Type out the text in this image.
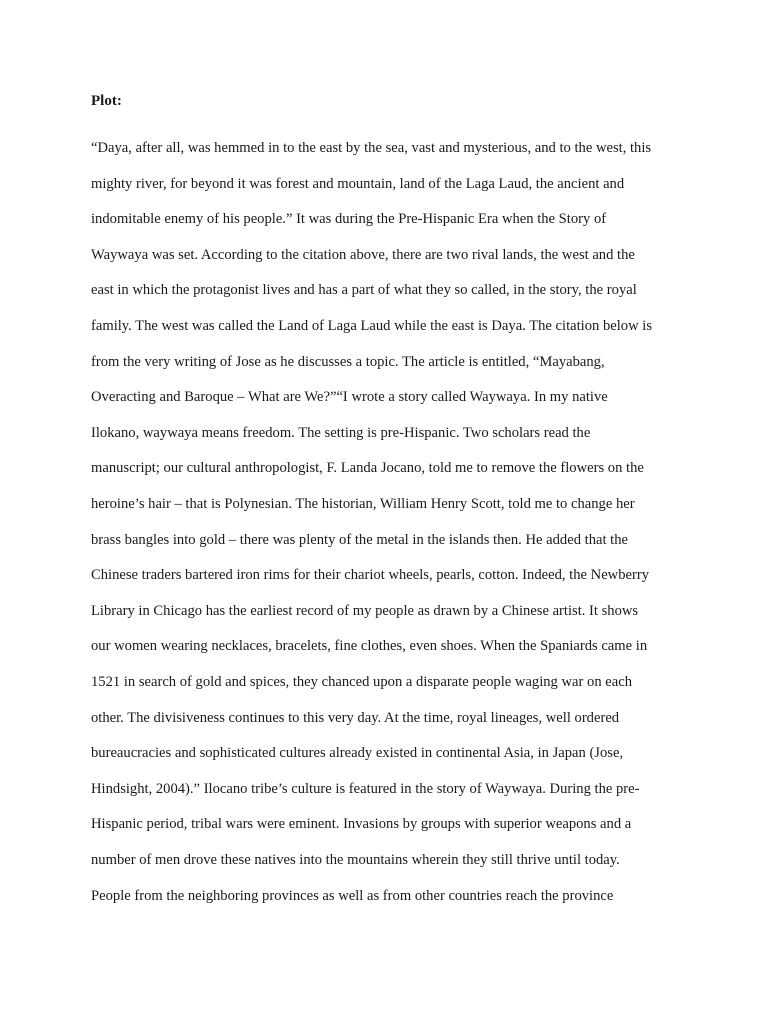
Plot:

“Daya, after all, was hemmed in to the east by the sea, vast and mysterious, and to the west, this

mighty river, for beyond it was forest and mountain, land of the Laga Laud, the ancient and

indomitable enemy of his people.” It was during the Pre-Hispanic Era when the Story of

Waywaya was set. According to the citation above, there are two rival lands, the west and the

east in which the protagonist lives and has a part of what they so called, in the story, the royal

family. The west was called the Land of Laga Laud while the east is Daya. The citation below is

from the very writing of Jose as he discusses a topic. The article is entitled, “Mayabang,

Overacting and Baroque – What are We?”“I wrote a story called Waywaya. In my native

Ilokano, waywaya means freedom. The setting is pre-Hispanic. Two scholars read the

manuscript; our cultural anthropologist, F. Landa Jocano, told me to remove the flowers on the

heroine’s hair – that is Polynesian. The historian, William Henry Scott, told me to change her

brass bangles into gold – there was plenty of the metal in the islands then. He added that the

Chinese traders bartered iron rims for their chariot wheels, pearls, cotton. Indeed, the Newberry

Library in Chicago has the earliest record of my people as drawn by a Chinese artist. It shows

our women wearing necklaces, bracelets, fine clothes, even shoes. When the Spaniards came in

1521 in search of gold and spices, they chanced upon a disparate people waging war on each

other. The divisiveness continues to this very day. At the time, royal lineages, well ordered

bureaucracies and sophisticated cultures already existed in continental Asia, in Japan (Jose,

Hindsight, 2004).” Ilocano tribe’s culture is featured in the story of Waywaya. During the pre-

Hispanic period, tribal wars were eminent. Invasions by groups with superior weapons and a

number of men drove these natives into the mountains wherein they still thrive until today.

People from the neighboring provinces as well as from other countries reach the province
